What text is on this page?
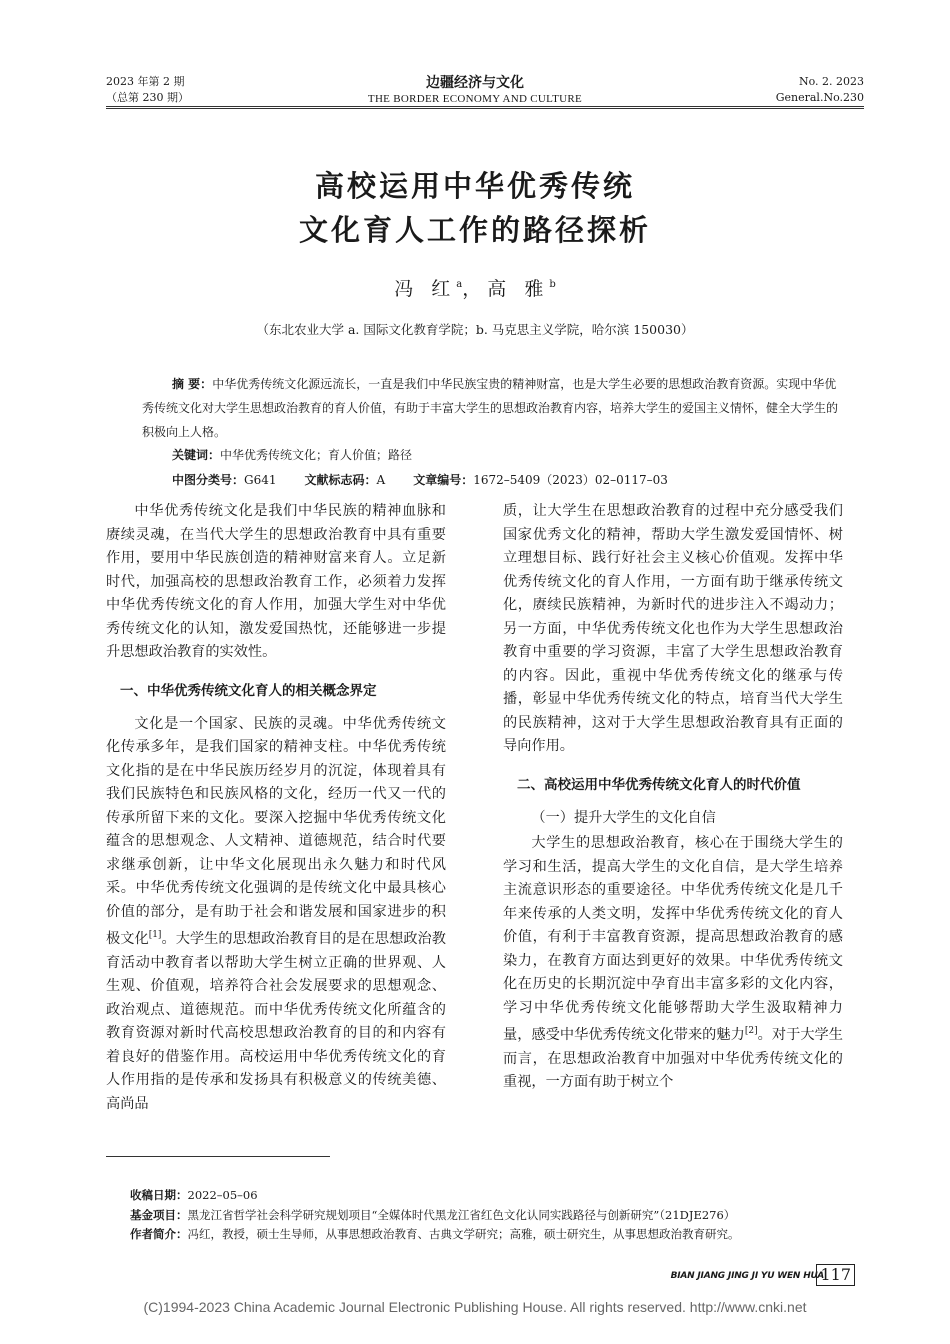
2023 年第 2 期
（总第 230 期）
边疆经济与文化
THE BORDER ECONOMY AND CULTURE
No. 2. 2023
General.No.230
高校运用中华优秀传统
文化育人工作的路径探析
冯 红$^a$，高 雅$^b$
（东北农业大学 a. 国际文化教育学院；b. 马克思主义学院，哈尔滨 150030）
摘 要：中华优秀传统文化源远流长，一直是我们中华民族宝贵的精神财富，也是大学生必要的思想政治教育资源。实现中华优秀传统文化对大学生思想政治教育的育人价值，有助于丰富大学生的思想政治教育内容，培养大学生的爱国主义情怀，健全大学生的积极向上人格。
关键词：中华优秀传统文化；育人价值；路径
中图分类号：G641 文献标志码：A 文章编号：1672–5409（2023）02–0117–03

中华优秀传统文化是我们中华民族的精神血脉和赓续灵魂，在当代大学生的思想政治教育中具有重要作用，要用中华民族创造的精神财富来育人。立足新时代，加强高校的思想政治教育工作，必须着力发挥中华优秀传统文化的育人作用，加强大学生对中华优秀传统文化的认知，激发爱国热忱，还能够进一步提升思想政治教育的实效性。

一、中华优秀传统文化育人的相关概念界定

文化是一个国家、民族的灵魂。中华优秀传统文化传承多年，是我们国家的精神支柱。中华优秀传统文化指的是在中华民族历经岁月的沉淀，体现着具有我们民族特色和民族风格的文化，经历一代又一代的传承所留下来的文化。要深入挖掘中华优秀传统文化蕴含的思想观念、人文精神、道德规范，结合时代要求继承创新，让中华文化展现出永久魅力和时代风采。中华优秀传统文化强调的是传统文化中最具核心价值的部分，是有助于社会和谐发展和国家进步的积极文化[1]。大学生的思想政治教育目的是在思想政治教育活动中教育者以帮助大学生树立正确的世界观、人生观、价值观，培养符合社会发展要求的思想观念、政治观点、道德规范。而中华优秀传统文化所蕴含的教育资源对新时代高校思想政治教育的目的和内容有着良好的借鉴作用。高校运用中华优秀传统文化的育人作用指的是传承和发扬具有积极意义的传统美德、高尚品

质，让大学生在思想政治教育的过程中充分感受我们国家优秀文化的精神，帮助大学生激发爱国情怀、树立理想目标、践行好社会主义核心价值观。发挥中华优秀传统文化的育人作用，一方面有助于继承传统文化，赓续民族精神，为新时代的进步注入不竭动力；另一方面，中华优秀传统文化也作为大学生思想政治教育中重要的学习资源，丰富了大学生思想政治教育的内容。因此，重视中华优秀传统文化的继承与传播，彰显中华优秀传统文化的特点，培育当代大学生的民族精神，这对于大学生思想政治教育具有正面的导向作用。

二、高校运用中华优秀传统文化育人的时代价值

（一）提升大学生的文化自信

大学生的思想政治教育，核心在于围绕大学生的学习和生活，提高大学生的文化自信，是大学生培养主流意识形态的重要途径。中华优秀传统文化是几千年来传承的人类文明，发挥中华优秀传统文化的育人价值，有利于丰富教育资源，提高思想政治教育的感染力，在教育方面达到更好的效果。中华优秀传统文化在历史的长期沉淀中孕育出丰富多彩的文化内容，学习中华优秀传统文化能够帮助大学生汲取精神力量，感受中华优秀传统文化带来的魅力[2]。对于大学生而言，在思想政治教育中加强对中华优秀传统文化的重视，一方面有助于树立个

收稿日期：2022–05–06
基金项目：黑龙江省哲学社会科学研究规划项目“全媒体时代黑龙江省红色文化认同实践路径与创新研究”（21DJE276）
作者简介：冯红，教授，硕士生导师，从事思想政治教育、古典文学研究；高雅，硕士研究生，从事思想政治教育研究。
BIAN JIANG JING JI YU WEN HUA
117
(C)1994-2023 China Academic Journal Electronic Publishing House. All rights reserved. http://www.cnki.net
